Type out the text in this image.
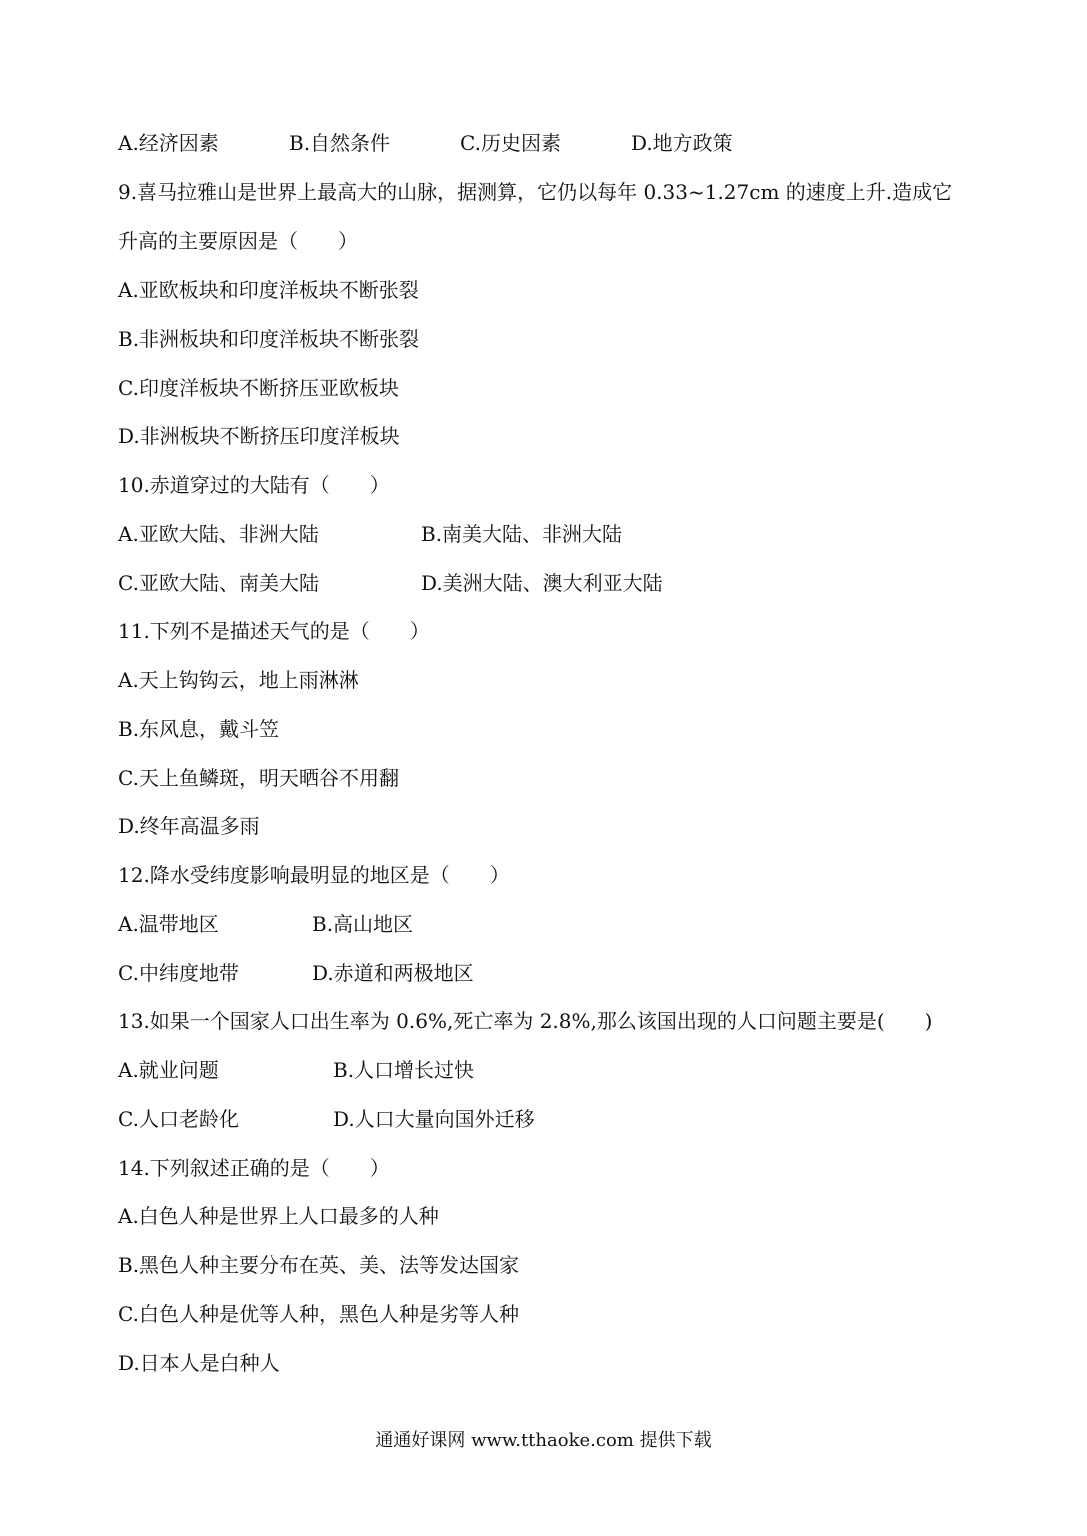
A.经济因素	B.自然条件	C.历史因素	D.地方政策
9.喜马拉雅山是世界上最高大的山脉，据测算，它仍以每年 0.33~1.27cm 的速度上升.造成它
升高的主要原因是（　　）
A.亚欧板块和印度洋板块不断张裂
B.非洲板块和印度洋板块不断张裂
C.印度洋板块不断挤压亚欧板块
D.非洲板块不断挤压印度洋板块
10.赤道穿过的大陆有（　　）
A.亚欧大陆、非洲大陆	B.南美大陆、非洲大陆
C.亚欧大陆、南美大陆	D.美洲大陆、澳大利亚大陆
11.下列不是描述天气的是（　　）
A.天上钩钩云，地上雨淋淋
B.东风息，戴斗笠
C.天上鱼鳞斑，明天晒谷不用翻
D.终年高温多雨
12.降水受纬度影响最明显的地区是（　　）
A.温带地区	B.高山地区
C.中纬度地带	D.赤道和两极地区
13.如果一个国家人口出生率为 0.6%,死亡率为 2.8%,那么该国出现的人口问题主要是(　　)
A.就业问题	B.人口增长过快
C.人口老龄化	D.人口大量向国外迁移
14.下列叙述正确的是（　　）
A.白色人种是世界上人口最多的人种
B.黑色人种主要分布在英、美、法等发达国家
C.白色人种是优等人种，黑色人种是劣等人种
D.日本人是白种人
通通好课网 www.tthaoke.com 提供下载
